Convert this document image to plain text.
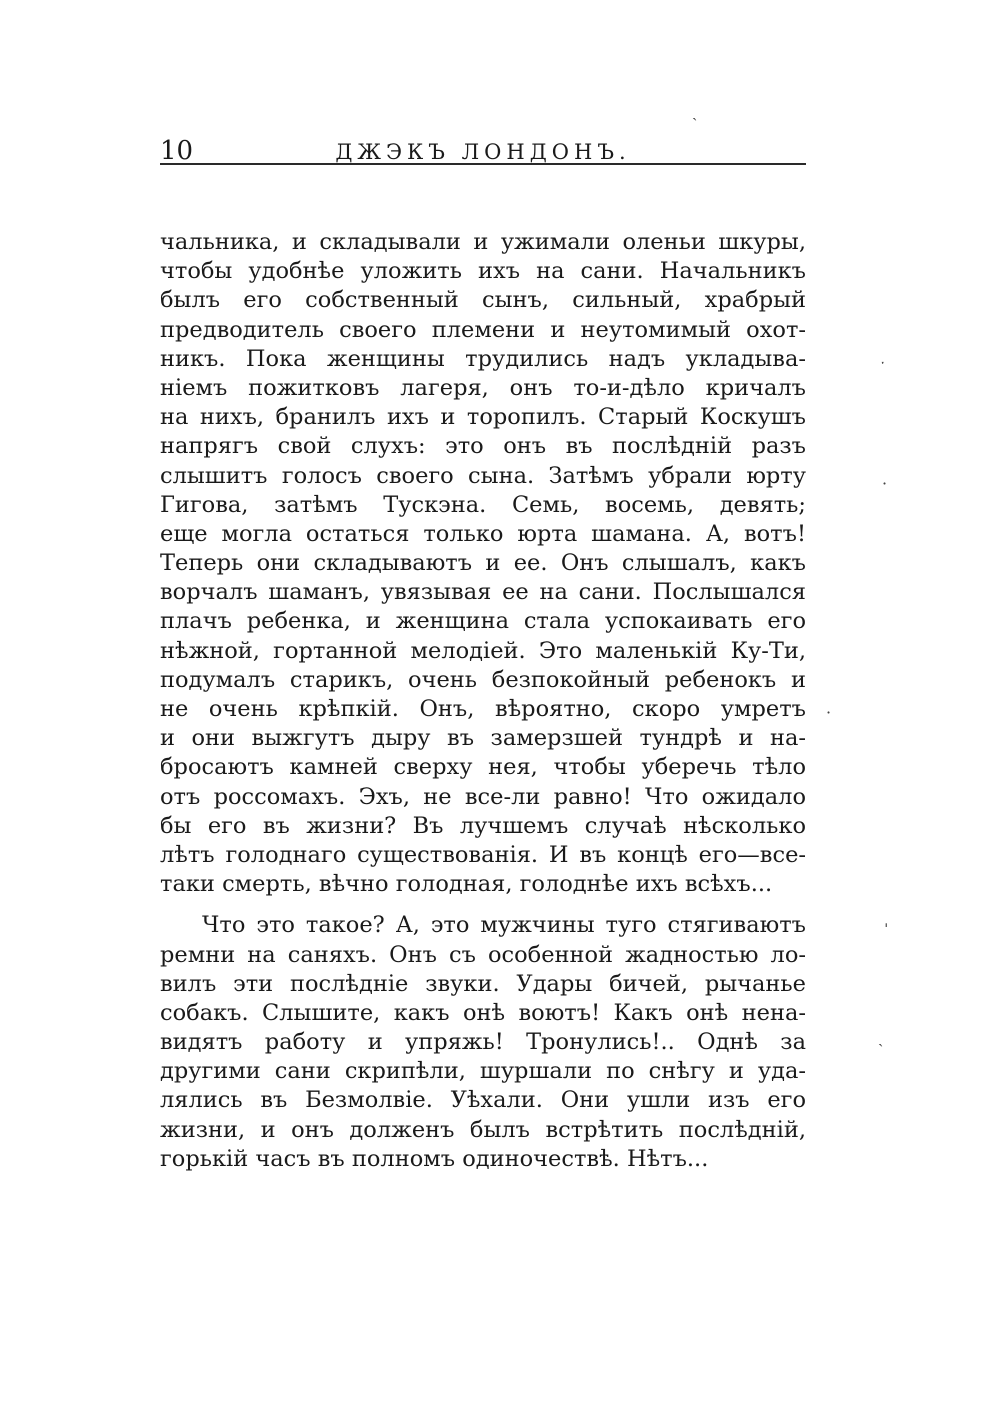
10	ДЖЭКЪ ЛОНДОНЪ.
чальника, и складывали и ужимали оленьи шкуры,
чтобы удобнѣе уложить ихъ на сани. Начальникъ
былъ его собственный сынъ, сильный, храбрый
предводитель своего племени и неутомимый охот-
никъ. Пока женщины трудились надъ укладыва-
ніемъ пожитковъ лагеря, онъ то-и-дѣло кричалъ
на нихъ, бранилъ ихъ и торопилъ. Старый Коскушъ
напрягъ свой слухъ: это онъ въ послѣдній разъ
слышитъ голосъ своего сына. Затѣмъ убрали юрту
Гигова, затѣмъ Тускэна. Семь, восемь, девять;
еще могла остаться только юрта шамана. А, вотъ!
Теперь они складываютъ и ее. Онъ слышалъ, какъ
ворчалъ шаманъ, увязывая ее на сани. Послышался
плачъ ребенка, и женщина стала успокаивать его
нѣжной, гортанной мелодіей. Это маленькій Ку-Ти,
подумалъ старикъ, очень безпокойный ребенокъ и
не очень крѣпкій. Онъ, вѣроятно, скоро умретъ
и они выжгутъ дыру въ замерзшей тундрѣ и на-
бросаютъ камней сверху нея, чтобы уберечь тѣло
отъ россомахъ. Эхъ, не все-ли равно! Что ожидало
бы его въ жизни? Въ лучшемъ случаѣ нѣсколько
лѣтъ голоднаго существованія. И въ концѣ его—все-
таки смерть, вѣчно голодная, голоднѣе ихъ всѣхъ...
Что это такое? А, это мужчины туго стягиваютъ
ремни на саняхъ. Онъ съ особенной жадностью ло-
вилъ эти послѣдніе звуки. Удары бичей, рычанье
собакъ. Слышите, какъ онѣ воютъ! Какъ онѣ нена-
видятъ работу и упряжь! Тронулись!.. Однѣ за
другими сани скрипѣли, шуршали по снѣгу и уда-
лялись въ Безмолвіе. Уѣхали. Они ушли изъ его
жизни, и онъ долженъ былъ встрѣтить послѣдній,
горькій часъ въ полномъ одиночествѣ. Нѣтъ...
ˎ
ˑ
·
·
ˌ
ˏ
